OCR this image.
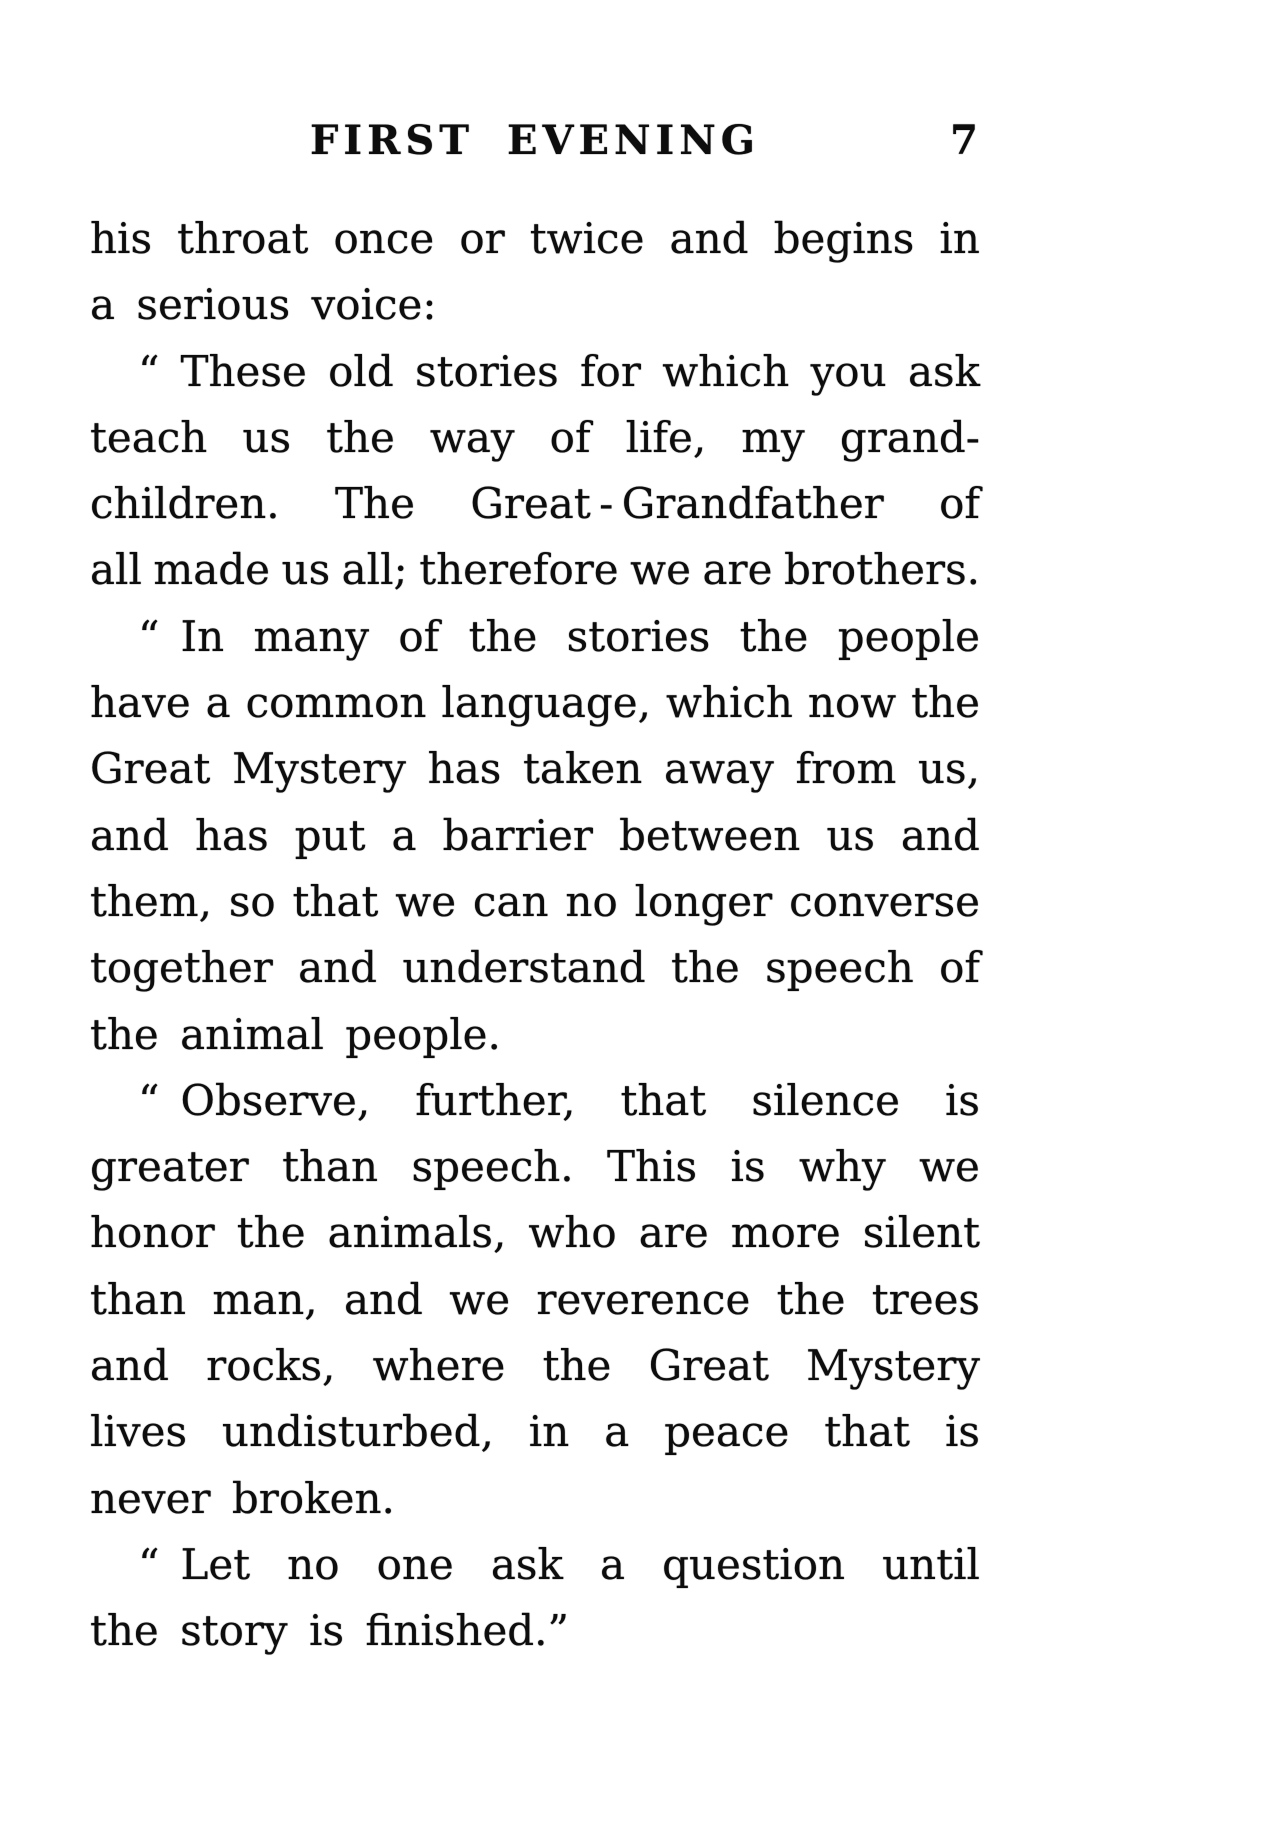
FIRST EVENING	7
his throat once or twice and begins in
a serious voice:
“ These old stories for which you ask
teach us the way of life, my grand-
children. The Great - Grandfather of
all made us all; therefore we are brothers.
“ In many of the stories the people
have a common language, which now the
Great Mystery has taken away from us,
and has put a barrier between us and
them, so that we can no longer converse
together and understand the speech of
the animal people.
“ Observe, further, that silence is
greater than speech. This is why we
honor the animals, who are more silent
than man, and we reverence the trees
and rocks, where the Great Mystery
lives undisturbed, in a peace that is
never broken.
“ Let no one ask a question until
the story is finished.”
